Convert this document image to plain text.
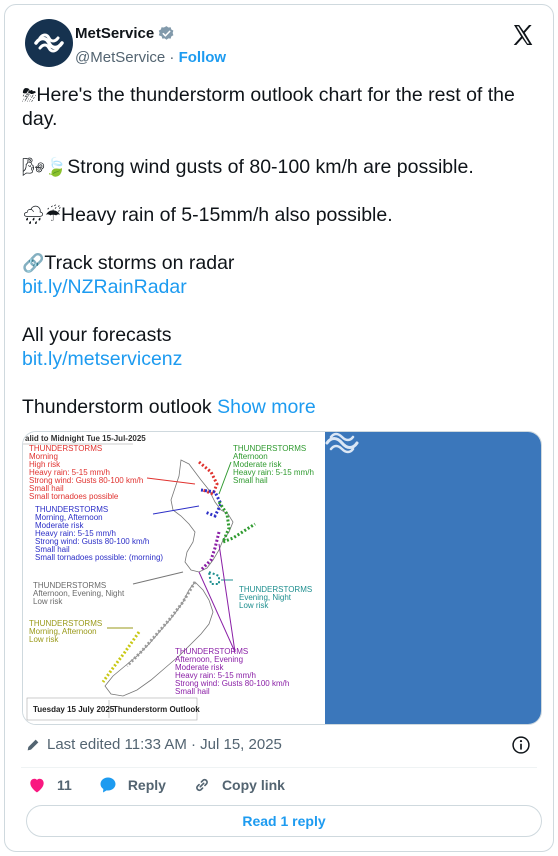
MetService
@MetService · Follow

⛈Here's the thunderstorm outlook chart for the rest of the day.

🌬🍃Strong wind gusts of 80-100 km/h are possible.

🌧☔Heavy rain of 5-15mm/h also possible.

🔗Track storms on radar
bit.ly/NZRainRadar

All your forecasts
bit.ly/metservicenz

Thunderstorm outlook Show more

alid to Midnight Tue 15-Jul-2025
THUNDERSTORMS
Morning
High risk
Heavy rain: 5-15 mm/h
Strong wind: Gusts 80-100 km/h
Small hail
Small tornadoes possible
THUNDERSTORMS
Morning, Afternoon
Moderate risk
Heavy rain: 5-15 mm/h
Strong wind: Gusts 80-100 km/h
Small hail
Small tornadoes possible: (morning)
THUNDERSTORMS
Afternoon, Evening, Night
Low risk
THUNDERSTORMS
Morning, Afternoon
Low risk
THUNDERSTORMS
Afternoon
Moderate risk
Heavy rain: 5-15 mm/h
Small hail
THUNDERSTORMS
Evening, Night
Low risk
THUNDERSTORMS
Afternoon, Evening
Moderate risk
Heavy rain: 5-15 mm/h
Strong wind: Gusts 80-100 km/h
Small hail
Tuesday 15 July 2025
Thunderstorm Outlook
Last edited 11:33 AM · Jul 15, 2025
11	Reply	Copy link
Read 1 reply
